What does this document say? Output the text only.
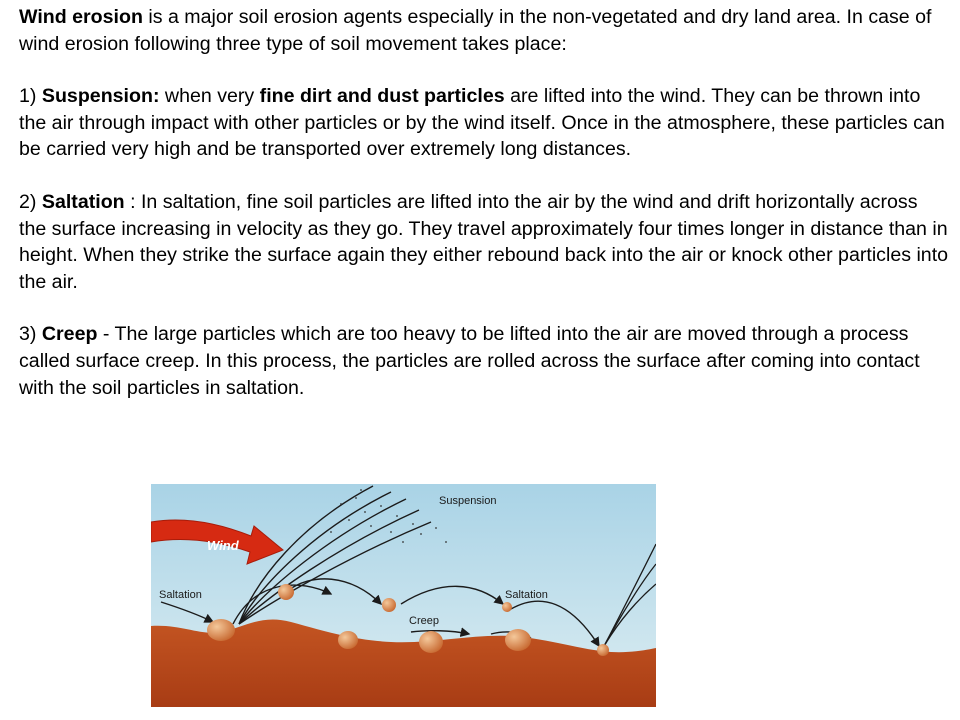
Wind erosion is a major soil erosion agents especially in the non-vegetated and dry land area. In case of wind erosion following three type of soil movement takes place:

1) Suspension: when very fine dirt and dust particles are lifted into the wind. They can be thrown into the air through impact with other particles or by the wind itself. Once in the atmosphere, these particles can be carried very high and be transported over extremely long distances.

2) Saltation : In saltation, fine soil particles are lifted into the air by the wind and drift horizontally across the surface increasing in velocity as they go. They travel approximately four times longer in distance than in height. When they strike the surface again they either rebound back into the air or knock other particles into the air.

3) Creep - The large particles which are too heavy to be lifted into the air are moved through a process called surface creep. In this process, the particles are rolled across the surface after coming into contact with the soil particles in saltation.

Wind
Suspension
Saltation	Saltation
Creep
